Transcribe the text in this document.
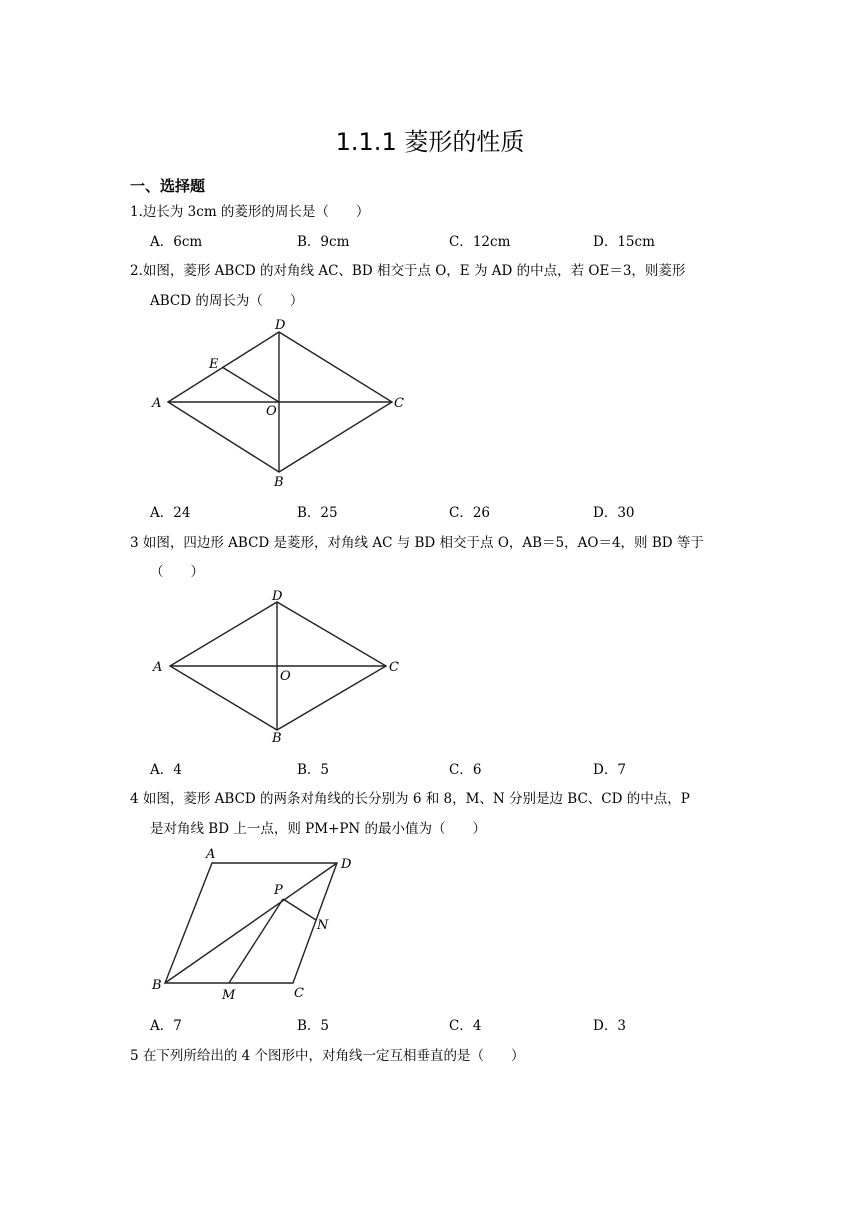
1.1.1 菱形的性质
一、选择题
1.边长为 3cm 的菱形的周长是（　　）
A．6cm	B．9cm	C．12cm	D．15cm
2.如图，菱形 ABCD 的对角线 AC、BD 相交于点 O，E 为 AD 的中点，若 OE＝3，则菱形
ABCD 的周长为（　　）
A
D
C
B
E
O
A．24	B．25	C．26	D．30
3 如图，四边形 ABCD 是菱形，对角线 AC 与 BD 相交于点 O，AB＝5，AO＝4，则 BD 等于
（　　）
A
D
C
B
O
A．4	B．5	C．6	D．7
4 如图，菱形 ABCD 的两条对角线的长分别为 6 和 8，M、N 分别是边 BC、CD 的中点，P
是对角线 BD 上一点，则 PM+PN 的最小值为（　　）
A
D
C
B
M
N
P
A．7	B．5	C．4	D．3
5 在下列所给出的 4 个图形中，对角线一定互相垂直的是（　　）
